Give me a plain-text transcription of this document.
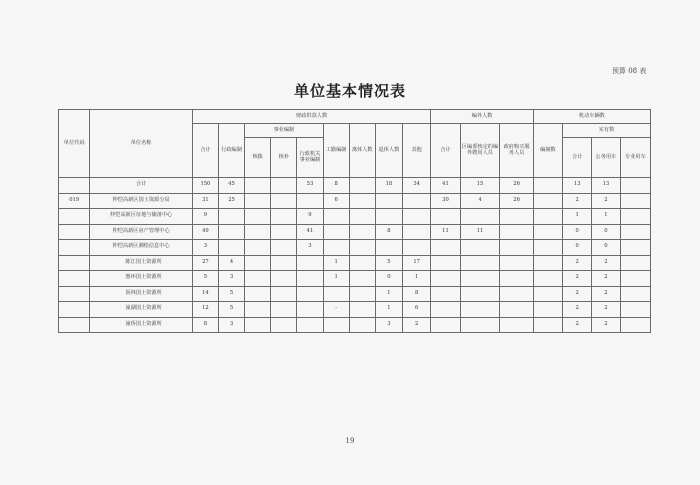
预算 08 表
单位基本情况表
单位代码	单位名称	财政供款人数									编外人数			机动车辆数			
		合计	行政编制	事业编制			工勤编制	离休人数	退休人数	其他	合计	区编委核定的编外聘用人员	政府购买服务人员	编制数	实有数		
				核拨	核补	行政机关事业编制									合计	公务用车	专业用车
	合计	150	45			53	8		18	34	41	15	26		13	13	
019	仲恺高新区国土资源分局	31	25				6				30	4	26		2	2	
	仲恺高新区征地与储备中心	9				9									1	1	
	仲恺高新区房产管理中心	49				41			8		11	11			0	0	
	仲恺高新区测绘信息中心	3				3									0	0	
	陈江国土资源所	27	4				1		5	17					2	2	
	惠环国土资源所	5	3				1		0	1					2	2	
	沥林国土资源所	14	5						1	8					2	2	
	潼湖国土资源所	12	5				-		1	6					2	2	
	潼侨国土资源所	8	3						3	2					2	2	
19
